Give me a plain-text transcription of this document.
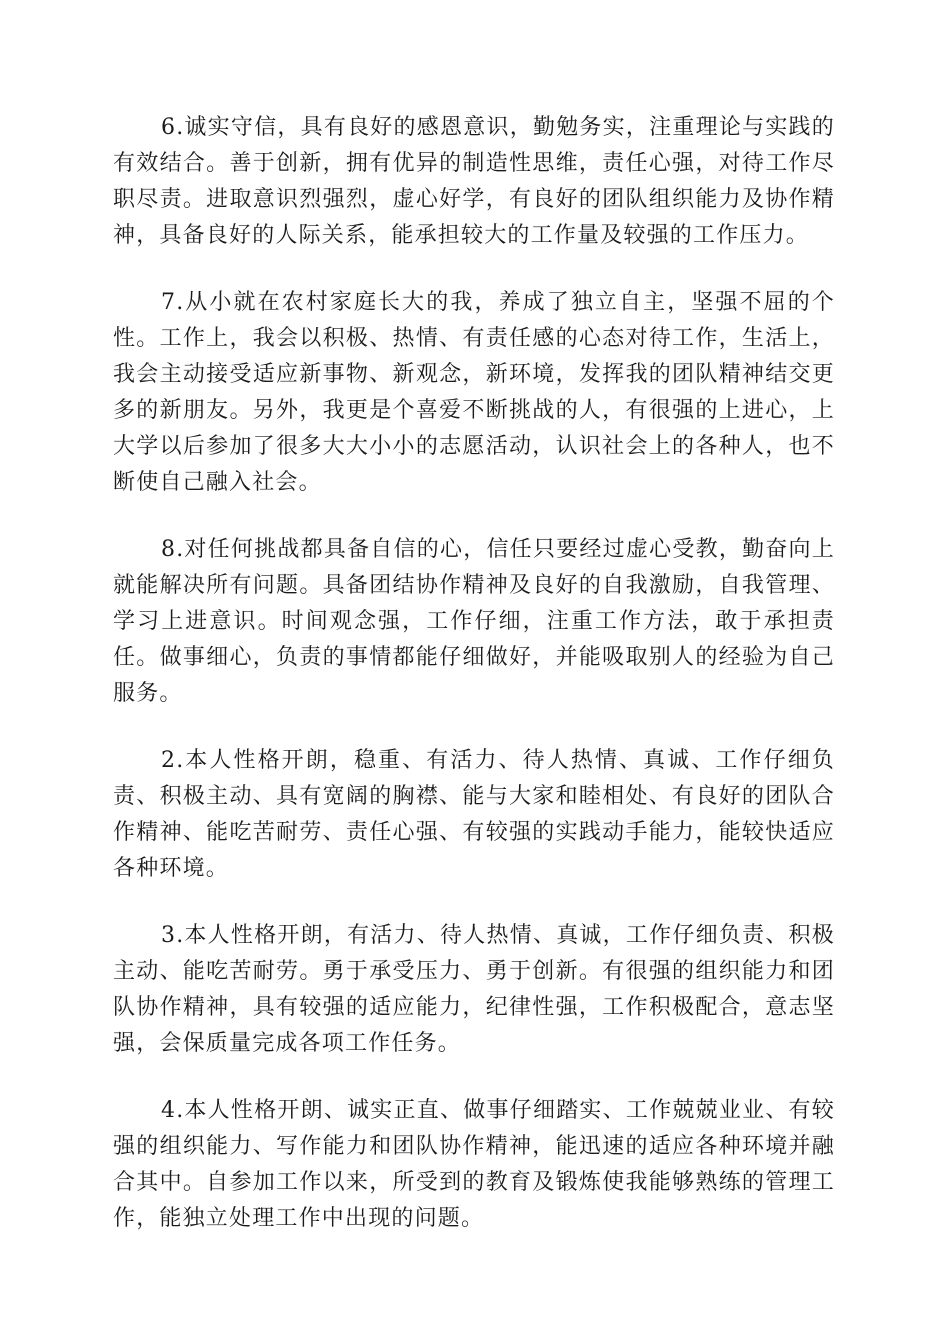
6.诚实守信，具有良好的感恩意识，勤勉务实，注重理论与实践的有效结合。善于创新，拥有优异的制造性思维，责任心强，对待工作尽职尽责。进取意识烈强烈，虚心好学，有良好的团队组织能力及协作精神，具备良好的人际关系，能承担较大的工作量及较强的工作压力。

7.从小就在农村家庭长大的我，养成了独立自主，坚强不屈的个性。工作上，我会以积极、热情、有责任感的心态对待工作，生活上，我会主动接受适应新事物、新观念，新环境，发挥我的团队精神结交更多的新朋友。另外，我更是个喜爱不断挑战的人，有很强的上进心，上大学以后参加了很多大大小小的志愿活动，认识社会上的各种人，也不断使自己融入社会。

8.对任何挑战都具备自信的心，信任只要经过虚心受教，勤奋向上就能解决所有问题。具备团结协作精神及良好的自我激励，自我管理、学习上进意识。时间观念强，工作仔细，注重工作方法，敢于承担责任。做事细心，负责的事情都能仔细做好，并能吸取别人的经验为自己服务。

2.本人性格开朗，稳重、有活力、待人热情、真诚、工作仔细负责、积极主动、具有宽阔的胸襟、能与大家和睦相处、有良好的团队合作精神、能吃苦耐劳、责任心强、有较强的实践动手能力，能较快适应各种环境。

3.本人性格开朗，有活力、待人热情、真诚，工作仔细负责、积极主动、能吃苦耐劳。勇于承受压力、勇于创新。有很强的组织能力和团队协作精神，具有较强的适应能力，纪律性强，工作积极配合，意志坚强，会保质量完成各项工作任务。

4.本人性格开朗、诚实正直、做事仔细踏实、工作兢兢业业、有较强的组织能力、写作能力和团队协作精神，能迅速的适应各种环境并融合其中。自参加工作以来，所受到的教育及锻炼使我能够熟练的管理工作，能独立处理工作中出现的问题。
